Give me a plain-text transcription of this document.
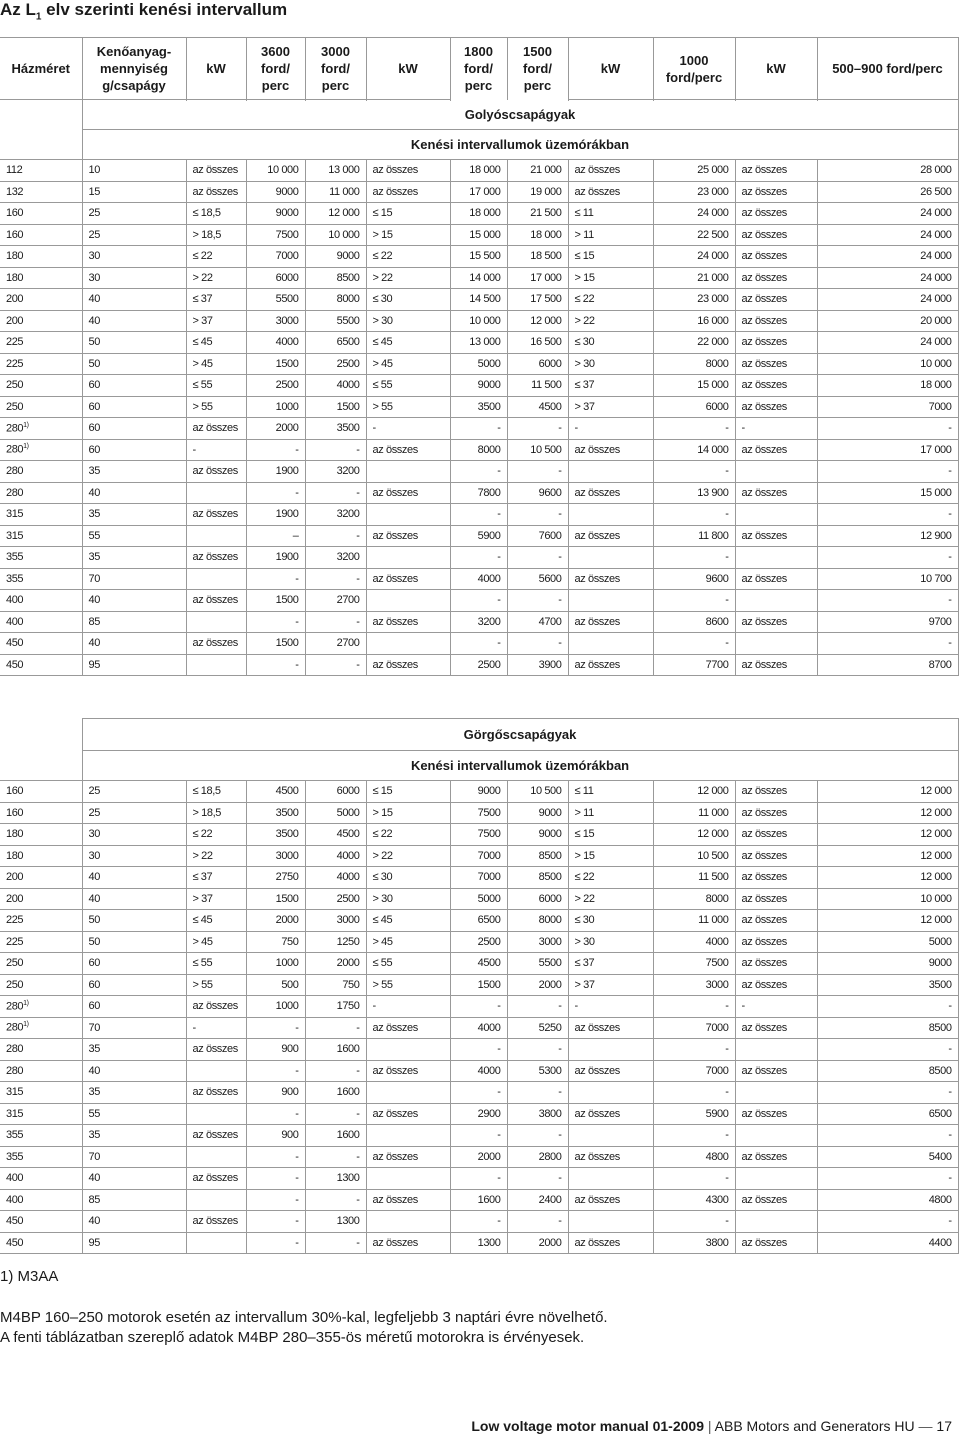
Az $L_1$ elv szerinti kenési intervallum
Házméret	Kenőanyag-mennyiség g/csapágy	kW	3600 ford/ perc	3000 ford/ perc	kW	1800 ford/ perc	1500 ford/ perc	kW	1000 ford/perc	kW	500–900 ford/perc

	Golyóscsapágyak										
	Kenési intervallumok üzemórákban										
112	10	az összes	10 000	13 000	az összes	18 000	21 000	az összes	25 000	az összes	28 000
132	15	az összes	9000	11 000	az összes	17 000	19 000	az összes	23 000	az összes	26 500
160	25	≤ 18,5	9000	12 000	≤ 15	18 000	21 500	≤ 11	24 000	az összes	24 000
160	25	> 18,5	7500	10 000	> 15	15 000	18 000	> 11	22 500	az összes	24 000
180	30	≤ 22	7000	9000	≤ 22	15 500	18 500	≤ 15	24 000	az összes	24 000
180	30	> 22	6000	8500	> 22	14 000	17 000	> 15	21 000	az összes	24 000
200	40	≤ 37	5500	8000	≤ 30	14 500	17 500	≤ 22	23 000	az összes	24 000
200	40	> 37	3000	5500	> 30	10 000	12 000	> 22	16 000	az összes	20 000
225	50	≤ 45	4000	6500	≤ 45	13 000	16 500	≤ 30	22 000	az összes	24 000
225	50	> 45	1500	2500	> 45	5000	6000	> 30	8000	az összes	10 000
250	60	≤ 55	2500	4000	≤ 55	9000	11 500	≤ 37	15 000	az összes	18 000
250	60	> 55	1000	1500	> 55	3500	4500	> 37	6000	az összes	7000
280$^{1)}$	60	az összes	2000	3500	-	-	-	-	-	-	-
280$^{1)}$	60	-	-	-	az összes	8000	10 500	az összes	14 000	az összes	17 000
280	35	az összes	1900	3200		-	-		-		-
280	40		-	-	az összes	7800	9600	az összes	13 900	az összes	15 000
315	35	az összes	1900	3200		-	-		-		-
315	55		–	-	az összes	5900	7600	az összes	11 800	az összes	12 900
355	35	az összes	1900	3200		-	-		-		-
355	70		-	-	az összes	4000	5600	az összes	9600	az összes	10 700
400	40	az összes	1500	2700		-	-		-		-
400	85		-	-	az összes	3200	4700	az összes	8600	az összes	9700
450	40	az összes	1500	2700		-	-		-		-
450	95		-	-	az összes	2500	3900	az összes	7700	az összes	8700
	Görgőscsapágyak										
	Kenési intervallumok üzemórákban										
160	25	≤ 18,5	4500	6000	≤ 15	9000	10 500	≤ 11	12 000	az összes	12 000
160	25	> 18,5	3500	5000	> 15	7500	9000	> 11	11 000	az összes	12 000
180	30	≤ 22	3500	4500	≤ 22	7500	9000	≤ 15	12 000	az összes	12 000
180	30	> 22	3000	4000	> 22	7000	8500	> 15	10 500	az összes	12 000
200	40	≤ 37	2750	4000	≤ 30	7000	8500	≤ 22	11 500	az összes	12 000
200	40	> 37	1500	2500	> 30	5000	6000	> 22	8000	az összes	10 000
225	50	≤ 45	2000	3000	≤ 45	6500	8000	≤ 30	11 000	az összes	12 000
225	50	> 45	750	1250	> 45	2500	3000	> 30	4000	az összes	5000
250	60	≤ 55	1000	2000	≤ 55	4500	5500	≤ 37	7500	az összes	9000
250	60	> 55	500	750	> 55	1500	2000	> 37	3000	az összes	3500
280$^{1)}$	60	az összes	1000	1750	-	-	-	-	-	-	-
280$^{1)}$	70	-	-	-	az összes	4000	5250	az összes	7000	az összes	8500
280	35	az összes	900	1600		-	-		-		-
280	40		-	-	az összes	4000	5300	az összes	7000	az összes	8500
315	35	az összes	900	1600		-	-		-		-
315	55		-	-	az összes	2900	3800	az összes	5900	az összes	6500
355	35	az összes	900	1600		-	-		-		-
355	70		-	-	az összes	2000	2800	az összes	4800	az összes	5400
400	40	az összes	-	1300		-	-		-		-
400	85		-	-	az összes	1600	2400	az összes	4300	az összes	4800
450	40	az összes	-	1300		-	-		-		-
450	95		-	-	az összes	1300	2000	az összes	3800	az összes	4400
1) M3AA
M4BP 160–250 motorok esetén az intervallum 30%-kal, legfeljebb 3 naptári évre növelhető.
A fenti táblázatban szereplő adatok M4BP 280–355-ös méretű motorokra is érvényesek.
Low voltage motor manual 01-2009 | ABB Motors and Generators HU — 17
